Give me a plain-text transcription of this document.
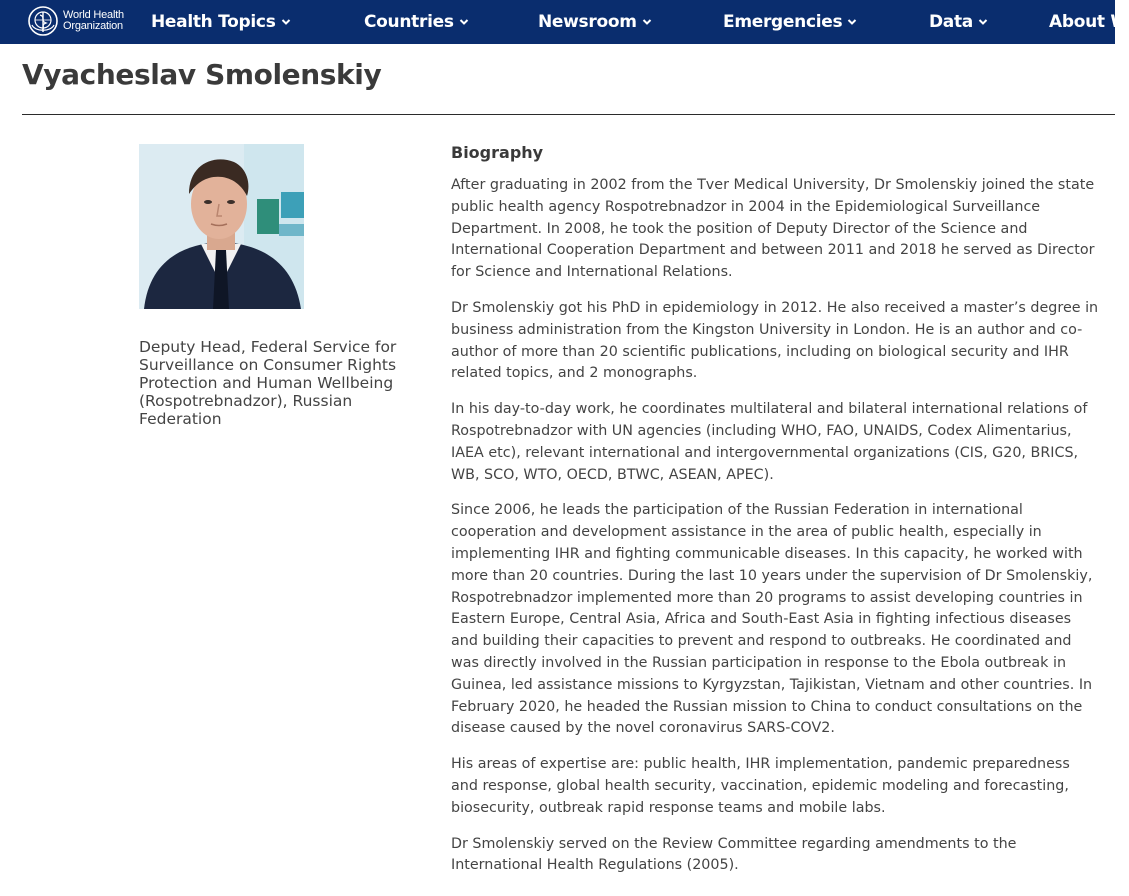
World Health
Organization	Health Topics	Countries	Newsroom	Emergencies	Data	About W
Vyacheslav Smolenskiy
Deputy Head, Federal Service for Surveillance on Consumer Rights Protection and Human Wellbeing (Rospotrebnadzor), Russian Federation
Biography

After graduating in 2002 from the Tver Medical University, Dr Smolenskiy joined the state public health agency Rospotrebnadzor in 2004 in the Epidemiological Surveillance Department. In 2008, he took the position of Deputy Director of the Science and International Cooperation Department and between 2011 and 2018 he served as Director for Science and International Relations.

Dr Smolenskiy got his PhD in epidemiology in 2012. He also received a master’s degree in business administration from the Kingston University in London. He is an author and co-author of more than 20 scientific publications, including on biological security and IHR related topics, and 2 monographs.

In his day-to-day work, he coordinates multilateral and bilateral international relations of Rospotrebnadzor with UN agencies (including WHO, FAO, UNAIDS, Codex Alimentarius, IAEA etc), relevant international and intergovernmental organizations (CIS, G20, BRICS, WB, SCO, WTO, OECD, BTWC, ASEAN, APEC).

Since 2006, he leads the participation of the Russian Federation in international cooperation and development assistance in the area of public health, especially in implementing IHR and fighting communicable diseases. In this capacity, he worked with more than 20 countries. During the last 10 years under the supervision of Dr Smolenskiy, Rospotrebnadzor implemented more than 20 programs to assist developing countries in Eastern Europe, Central Asia, Africa and South-East Asia in fighting infectious diseases and building their capacities to prevent and respond to outbreaks. He coordinated and was directly involved in the Russian participation in response to the Ebola outbreak in Guinea, led assistance missions to Kyrgyzstan, Tajikistan, Vietnam and other countries. In February 2020, he headed the Russian mission to China to conduct consultations on the disease caused by the novel coronavirus SARS-COV2.

His areas of expertise are: public health, IHR implementation, pandemic preparedness and response, global health security, vaccination, epidemic modeling and forecasting, biosecurity, outbreak rapid response teams and mobile labs.

Dr Smolenskiy served on the Review Committee regarding amendments to the International Health Regulations (2005).
